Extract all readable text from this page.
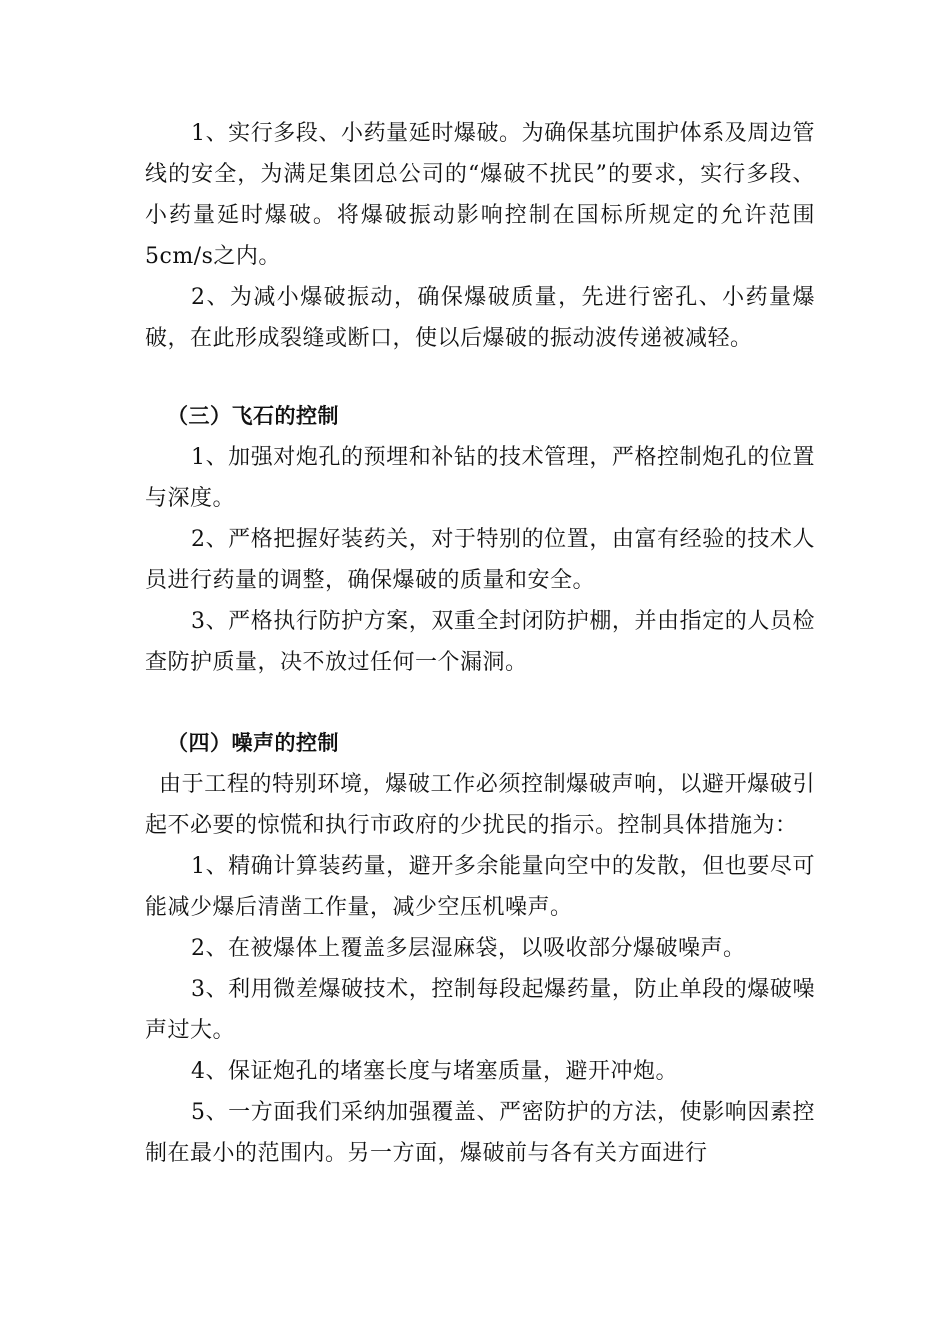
1、实行多段、小药量延时爆破。为确保基坑围护体系及周边管线的安全，为满足集团总公司的“爆破不扰民”的要求，实行多段、小药量延时爆破。将爆破振动影响控制在国标所规定的允许范围5cm/s之内。

2、为减小爆破振动，确保爆破质量，先进行密孔、小药量爆破，在此形成裂缝或断口，使以后爆破的振动波传递被减轻。

（三）飞石的控制

1、加强对炮孔的预埋和补钻的技术管理，严格控制炮孔的位置与深度。

2、严格把握好装药关，对于特别的位置，由富有经验的技术人员进行药量的调整，确保爆破的质量和安全。

3、严格执行防护方案，双重全封闭防护棚，并由指定的人员检查防护质量，决不放过任何一个漏洞。

（四）噪声的控制

由于工程的特别环境，爆破工作必须控制爆破声响，以避开爆破引起不必要的惊慌和执行市政府的少扰民的指示。控制具体措施为：

1、精确计算装药量，避开多余能量向空中的发散，但也要尽可能减少爆后清凿工作量，减少空压机噪声。

2、在被爆体上覆盖多层湿麻袋，以吸收部分爆破噪声。

3、利用微差爆破技术，控制每段起爆药量，防止单段的爆破噪声过大。

4、保证炮孔的堵塞长度与堵塞质量，避开冲炮。

5、一方面我们采纳加强覆盖、严密防护的方法，使影响因素控制在最小的范围内。另一方面，爆破前与各有关方面进行
